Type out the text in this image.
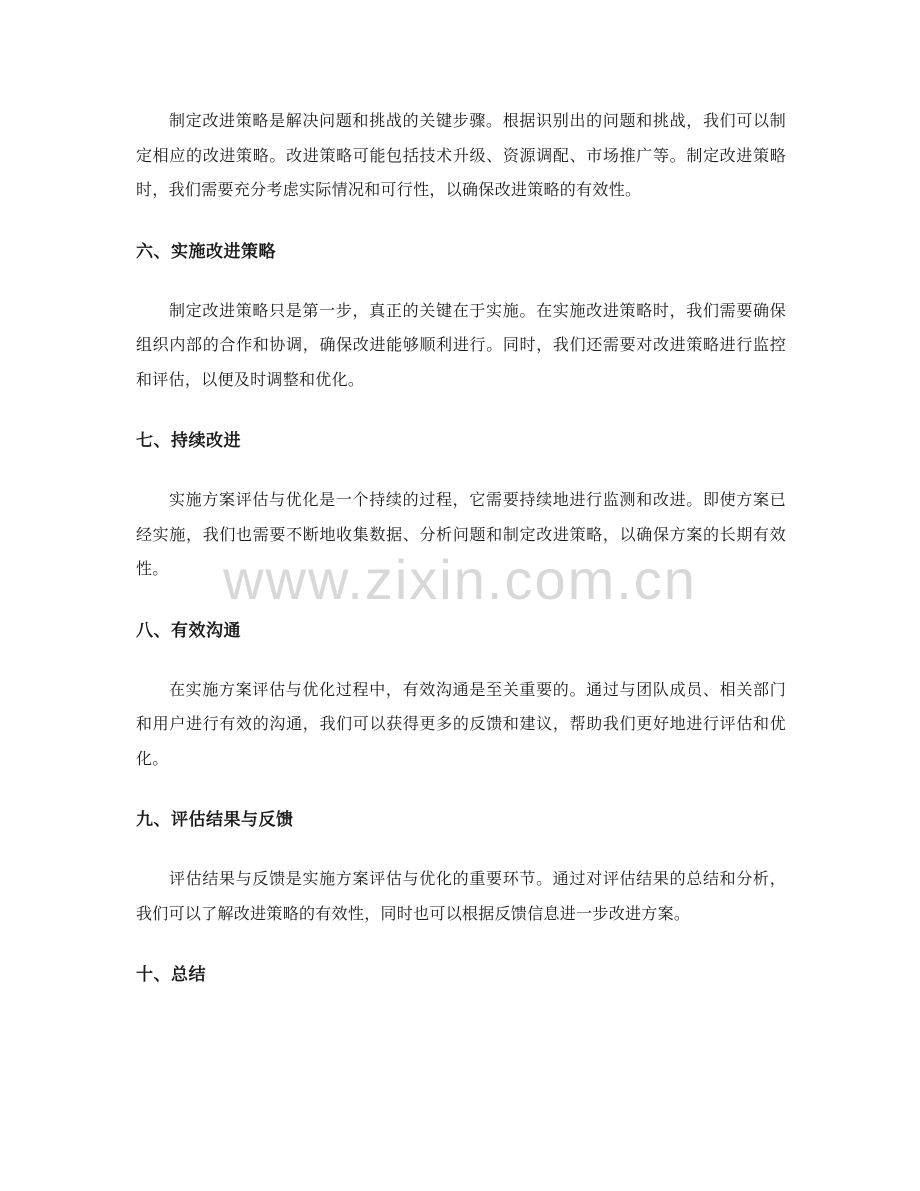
制定改进策略是解决问题和挑战的关键步骤。根据识别出的问题和挑战，我们可以制定相应的改进策略。改进策略可能包括技术升级、资源调配、市场推广等。制定改进策略时，我们需要充分考虑实际情况和可行性，以确保改进策略的有效性。

六、实施改进策略

制定改进策略只是第一步，真正的关键在于实施。在实施改进策略时，我们需要确保组织内部的合作和协调，确保改进能够顺利进行。同时，我们还需要对改进策略进行监控和评估，以便及时调整和优化。

七、持续改进

实施方案评估与优化是一个持续的过程，它需要持续地进行监测和改进。即使方案已经实施，我们也需要不断地收集数据、分析问题和制定改进策略，以确保方案的长期有效性。

八、有效沟通

在实施方案评估与优化过程中，有效沟通是至关重要的。通过与团队成员、相关部门和用户进行有效的沟通，我们可以获得更多的反馈和建议，帮助我们更好地进行评估和优化。

九、评估结果与反馈

评估结果与反馈是实施方案评估与优化的重要环节。通过对评估结果的总结和分析，我们可以了解改进策略的有效性，同时也可以根据反馈信息进一步改进方案。

十、总结
www.zixin.com.cn
